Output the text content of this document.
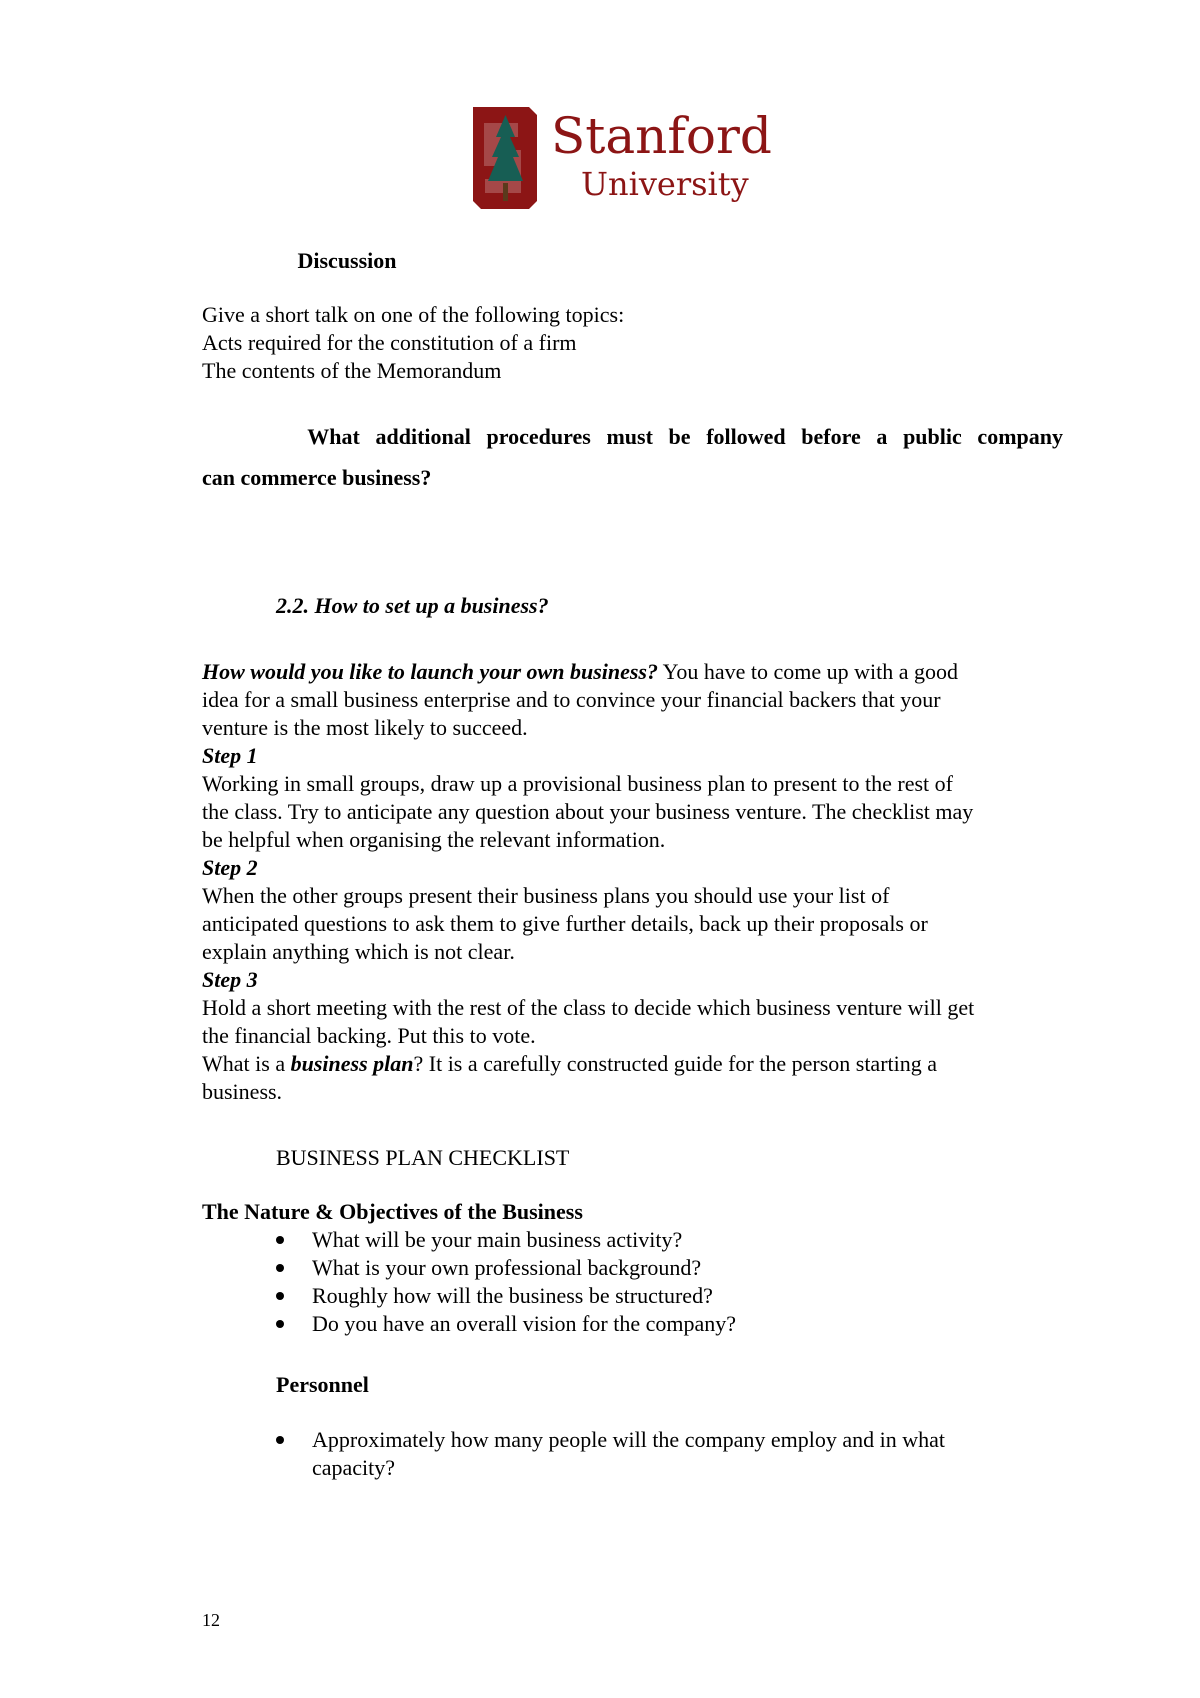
Stanford
University
Discussion
Give a short talk on one of the following topics:
Acts required for the constitution of a firm
The contents of the Memorandum
What additional procedures must be followed before a public company
can commerce business?
2.2. How to set up a business?
How would you like to launch your own business? You have to come up with a good
idea for a small business enterprise and to convince your financial backers that your
venture is the most likely to succeed.
Step 1
Working in small groups, draw up a provisional business plan to present to the rest of
the class. Try to anticipate any question about your business venture. The checklist may
be helpful when organising the relevant information.
Step 2
When the other groups present their business plans you should use your list of
anticipated questions to ask them to give further details, back up their proposals or
explain anything which is not clear.
Step 3
Hold a short meeting with the rest of the class to decide which business venture will get
the financial backing. Put this to vote.
What is a business plan? It is a carefully constructed guide for the person starting a
business.
BUSINESS PLAN CHECKLIST
The Nature & Objectives of the Business
What will be your main business activity?
What is your own professional background?
Roughly how will the business be structured?
Do you have an overall vision for the company?
Personnel
Approximately how many people will the company employ and in what
capacity?
12
